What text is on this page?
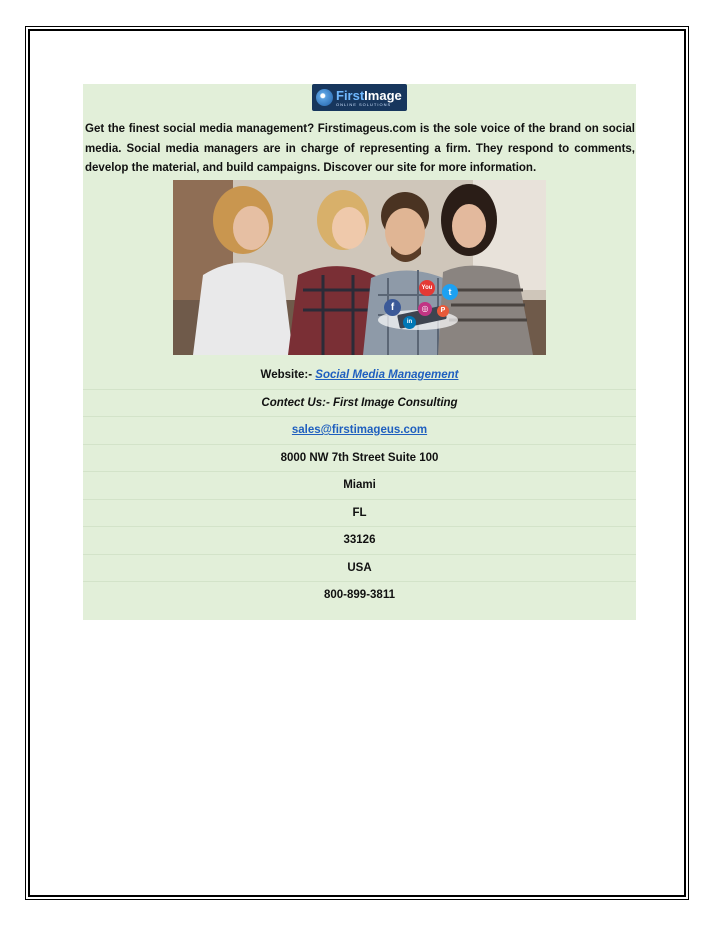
FirstImage
ONLINE SOLUTIONS

Get the finest social media management? Firstimageus.com is the sole voice of the brand on social media. Social media managers are in charge of representing a firm. They respond to comments, develop the material, and build campaigns. Discover our site for more information.

You	t
f	◎	P
in
Website:- Social Media Management
Contect Us:- First Image Consulting
sales@firstimageus.com
8000 NW 7th Street Suite 100
Miami
FL
33126
USA
800-899-3811
